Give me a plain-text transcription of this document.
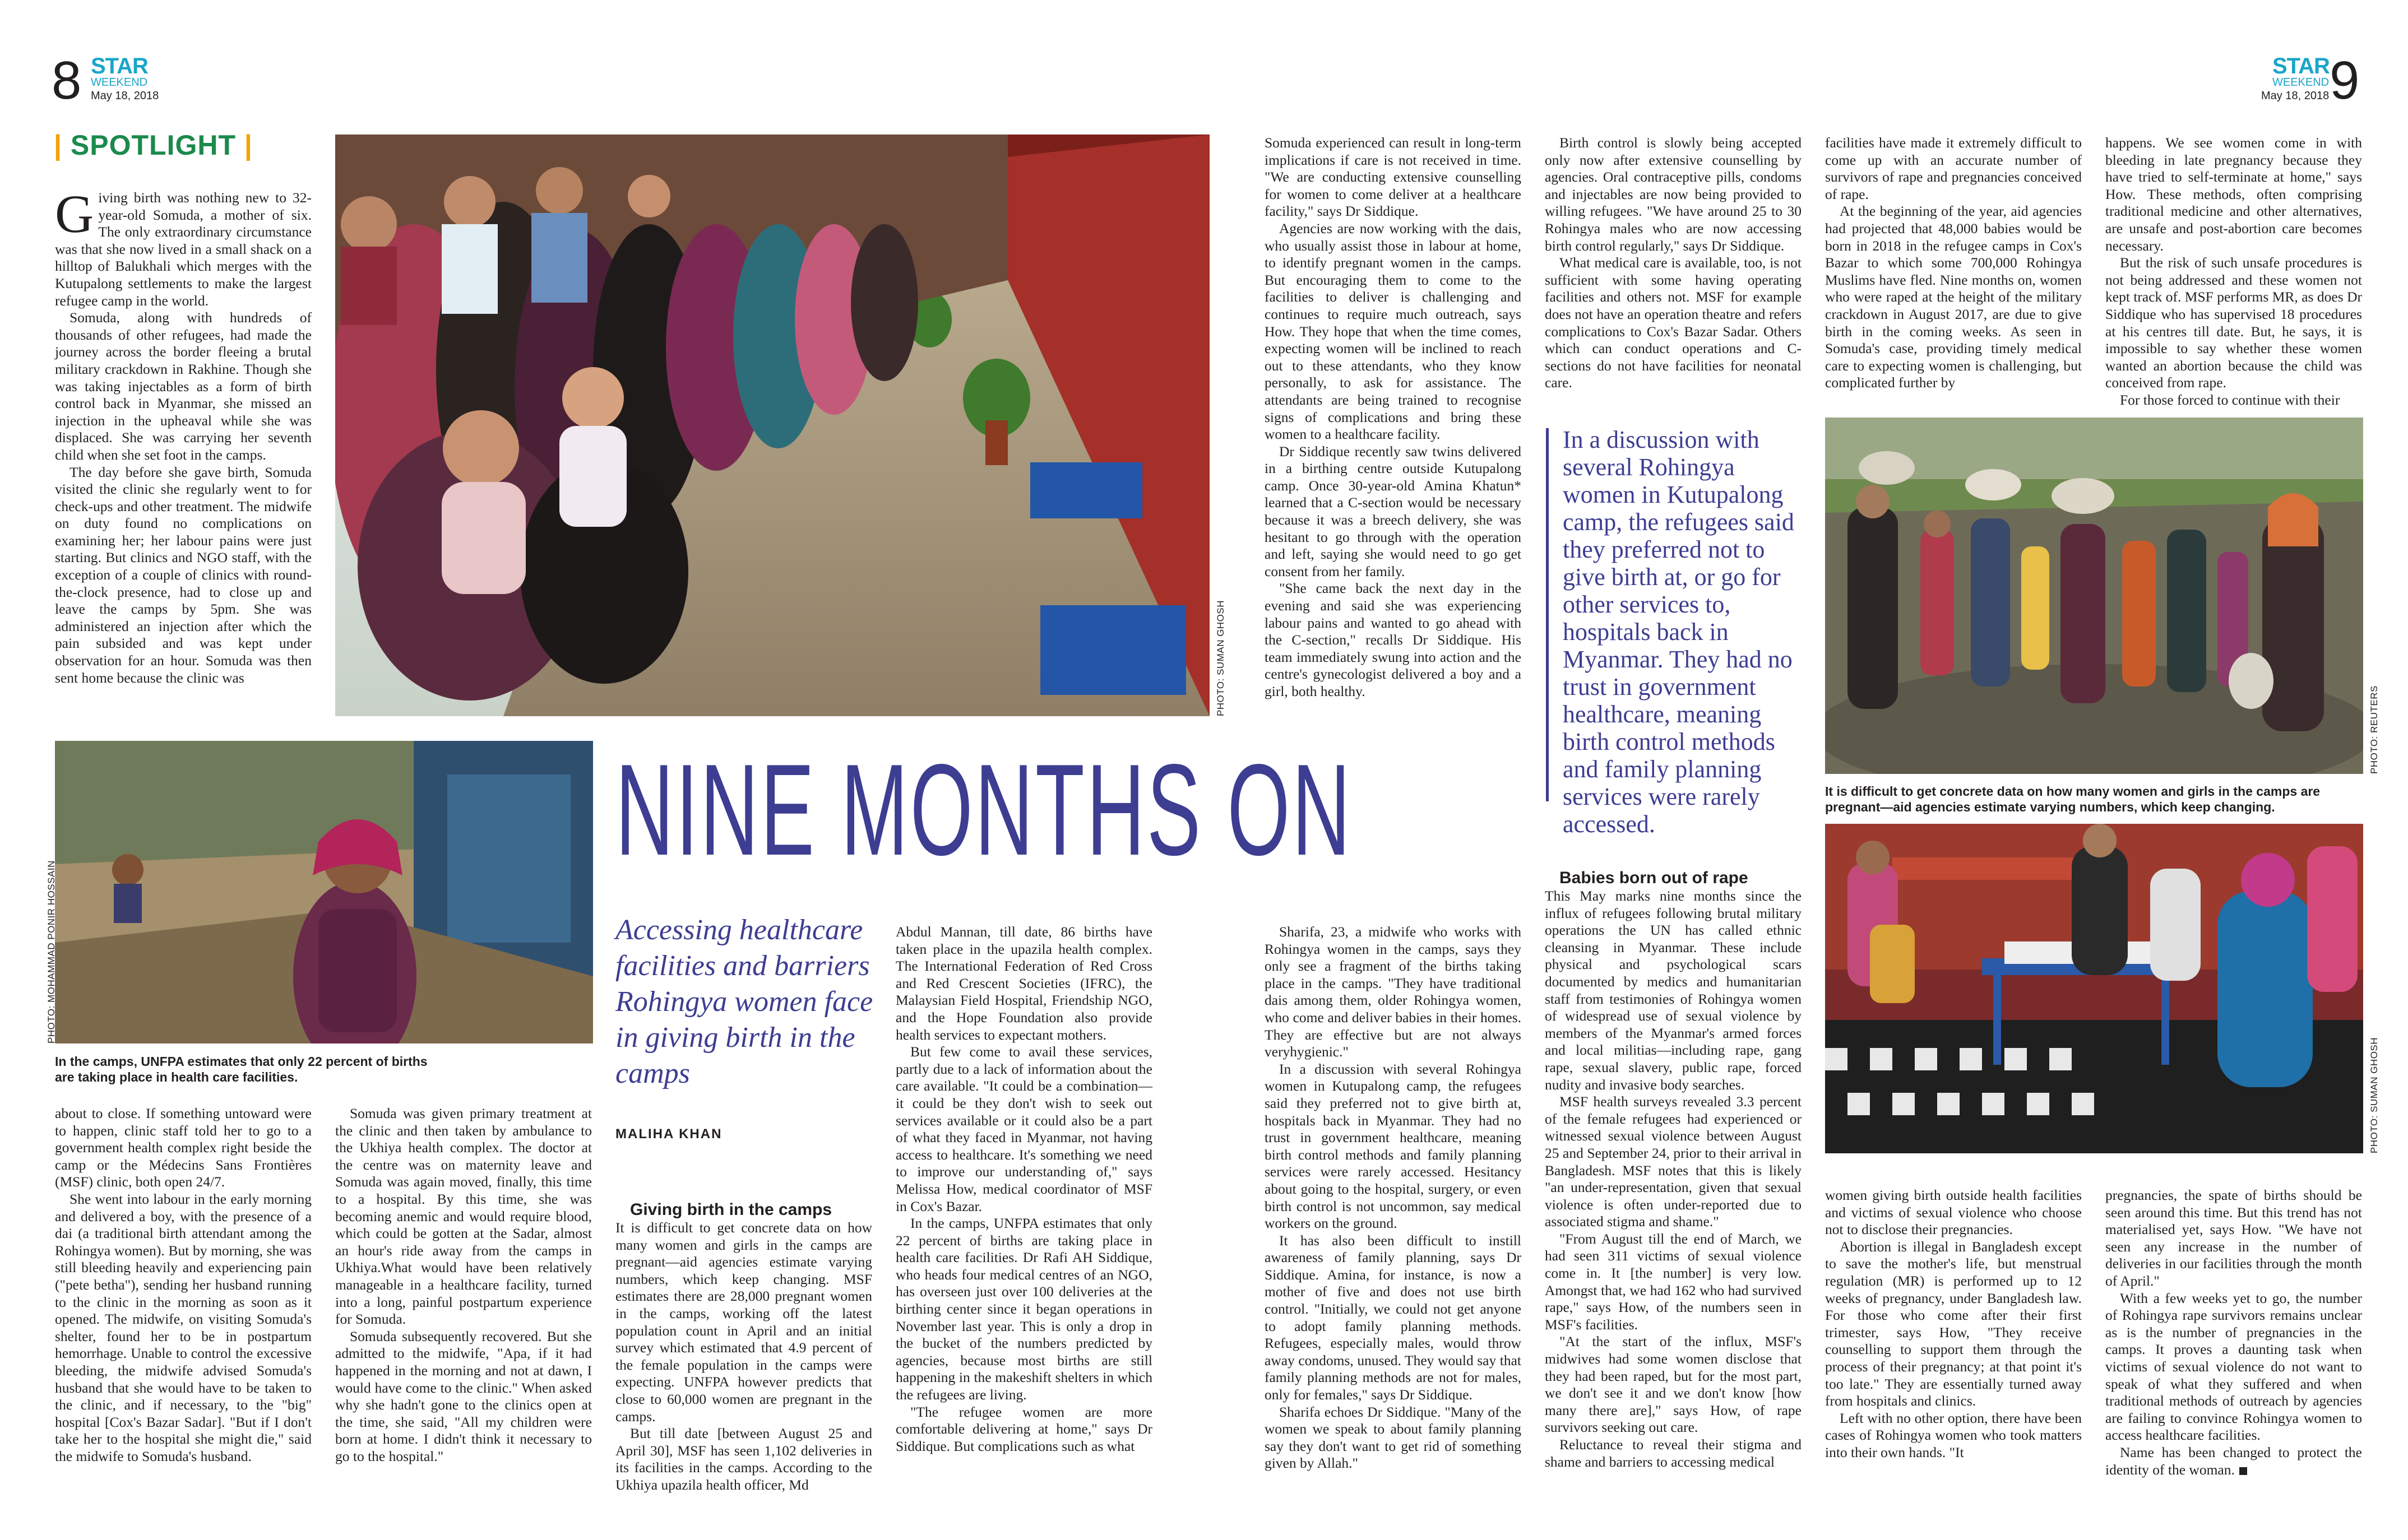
8 STAR
WEEKEND
May 18, 2018
STAR
WEEKEND
May 18, 2018 9
| SPOTLIGHT |
PHOTO: SUMAN GHOSH

Giving birth was nothing new to 32-year-old Somuda, a mother of six. The only extraordinary circumstance was that she now lived in a small shack on a hilltop of Balukhali which merges with the Kutupalong settlements to make the largest refugee camp in the world.

Somuda, along with hundreds of thousands of other refugees, had made the journey across the border fleeing a brutal military crackdown in Rakhine. Though she was taking injectables as a form of birth control back in Myanmar, she missed an injection in the upheaval while she was displaced. She was carrying her seventh child when she set foot in the camps.

The day before she gave birth, Somuda visited the clinic she regularly went to for check-ups and other treatment. The midwife on duty found no complications on examining her; her labour pains were just starting. But clinics and NGO staff, with the exception of a couple of clinics with round-the-clock presence, had to close up and leave the camps by 5pm. She was administered an injection after which the pain subsided and was kept under observation for an hour. Somuda was then sent home because the clinic was

PHOTO: MOHAMMAD PONIR HOSSAIN
In the camps, UNFPA estimates that only 22 percent of births are taking place in health care facilities.
NINE MONTHS ON
Accessing healthcare facilities and barriers Rohingya women face in giving birth in the camps
MALIHA KHAN

about to close. If something untoward were to happen, clinic staff told her to go to a government health complex right beside the camp or the Médecins Sans Frontières (MSF) clinic, both open 24/7.

She went into labour in the early morning and delivered a boy, with the presence of a dai (a traditional birth attendant among the Rohingya women). But by morning, she was still bleeding heavily and experiencing pain ("pete betha"), sending her husband running to the clinic in the morning as soon as it opened. The midwife, on visiting Somuda's shelter, found her to be in postpartum hemorrhage. Unable to control the excessive bleeding, the midwife advised Somuda's husband that she would have to be taken to the clinic, and if necessary, to the "big" hospital [Cox's Bazar Sadar]. "But if I don't take her to the hospital she might die," said the midwife to Somuda's husband.

Somuda was given primary treatment at the clinic and then taken by ambulance to the Ukhiya health complex. The doctor at the centre was on maternity leave and Somuda was again moved, finally, this time to a hospital. By this time, she was becoming anemic and would require blood, which could be gotten at the Sadar, almost an hour's ride away from the camps in Ukhiya.What would have been relatively manageable in a healthcare facility, turned into a long, painful postpartum experience for Somuda.

Somuda subsequently recovered. But she admitted to the midwife, "Apa, if it had happened in the morning and not at dawn, I would have come to the clinic." When asked why she hadn't gone to the clinics open at the time, she said, "All my children were born at home. I didn't think it necessary to go to the hospital."

Giving birth in the camps

It is difficult to get concrete data on how many women and girls in the camps are pregnant—aid agencies estimate varying numbers, which keep changing. MSF estimates there are 28,000 pregnant women in the camps, working off the latest population count in April and an initial survey which estimated that 4.9 percent of the female population in the camps were expecting. UNFPA however predicts that close to 60,000 women are pregnant in the camps.

But till date [between August 25 and April 30], MSF has seen 1,102 deliveries in its facilities in the camps. According to the Ukhiya upazila health officer, Md

Abdul Mannan, till date, 86 births have taken place in the upazila health complex. The International Federation of Red Cross and Red Crescent Societies (IFRC), the Malaysian Field Hospital, Friendship NGO, and the Hope Foundation also provide health services to expectant mothers.

But few come to avail these services, partly due to a lack of information about the care available. "It could be a combination—it could be they don't wish to seek out services available or it could also be a part of what they faced in Myanmar, not having access to healthcare. It's something we need to improve our understanding of," says Melissa How, medical coordinator of MSF in Cox's Bazar.

In the camps, UNFPA estimates that only 22 percent of births are taking place in health care facilities. Dr Rafi AH Siddique, who heads four medical centres of an NGO, has overseen just over 100 deliveries at the birthing center since it began operations in November last year. This is only a drop in the bucket of the numbers predicted by agencies, because most births are still happening in the makeshift shelters in which the refugees are living.

"The refugee women are more comfortable delivering at home," says Dr Siddique. But complications such as what

Somuda experienced can result in long-term implications if care is not received in time. "We are conducting extensive counselling for women to come deliver at a healthcare facility," says Dr Siddique.

Agencies are now working with the dais, who usually assist those in labour at home, to identify pregnant women in the camps. But encouraging them to come to the facilities to deliver is challenging and continues to require much outreach, says How. They hope that when the time comes, expecting women will be inclined to reach out to these attendants, who they know personally, to ask for assistance. The attendants are being trained to recognise signs of complications and bring these women to a healthcare facility.

Dr Siddique recently saw twins delivered in a birthing centre outside Kutupalong camp. Once 30-year-old Amina Khatun* learned that a C-section would be necessary because it was a breech delivery, she was hesitant to go through with the operation and left, saying she would need to go get consent from her family.

"She came back the next day in the evening and said she was experiencing labour pains and wanted to go ahead with the C-section," recalls Dr Siddique. His team immediately swung into action and the centre's gynecologist delivered a boy and a girl, both healthy.

Sharifa, 23, a midwife who works with Rohingya women in the camps, says they only see a fragment of the births taking place in the camps. "They have traditional dais among them, older Rohingya women, who come and deliver babies in their homes. They are effective but are not always veryhygienic."

In a discussion with several Rohingya women in Kutupalong camp, the refugees said they preferred not to give birth at, hospitals back in Myanmar. They had no trust in government healthcare, meaning birth control methods and family planning services were rarely accessed. Hesitancy about going to the hospital, surgery, or even birth control is not uncommon, say medical workers on the ground.

It has also been difficult to instill awareness of family planning, says Dr Siddique. Amina, for instance, is now a mother of five and does not use birth control. "Initially, we could not get anyone to adopt family planning methods. Refugees, especially males, would throw away condoms, unused. They would say that family planning methods are not for males, only for females," says Dr Siddique.

Sharifa echoes Dr Siddique. "Many of the women we speak to about family planning say they don't want to get rid of something given by Allah."

Birth control is slowly being accepted only now after extensive counselling by agencies. Oral contraceptive pills, condoms and injectables are now being provided to willing refugees. "We have around 25 to 30 Rohingya males who are now accessing birth control regularly," says Dr Siddique.

What medical care is available, too, is not sufficient with some having operating facilities and others not. MSF for example does not have an operation theatre and refers complications to Cox's Bazar Sadar. Others which can conduct operations and C-sections do not have facilities for neonatal care.

In a discussion with several Rohingya women in Kutupalong camp, the refugees said they preferred not to give birth at, or go for other services to, hospitals back in Myanmar. They had no trust in government healthcare, meaning birth control methods and family planning services were rarely accessed.

Babies born out of rape

This May marks nine months since the influx of refugees following brutal military operations the UN has called ethnic cleansing in Myanmar. These include physical and psychological scars documented by medics and humanitarian staff from testimonies of Rohingya women of widespread use of sexual violence by members of the Myanmar's armed forces and local militias—including rape, gang rape, sexual slavery, public rape, forced nudity and invasive body searches.

MSF health surveys revealed 3.3 percent of the female refugees had experienced or witnessed sexual violence between August 25 and September 24, prior to their arrival in Bangladesh. MSF notes that this is likely "an under-representation, given that sexual violence is often under-reported due to associated stigma and shame."

"From August till the end of March, we had seen 311 victims of sexual violence come in. It [the number] is very low. Amongst that, we had 162 who had survived rape," says How, of the numbers seen in MSF's facilities.

"At the start of the influx, MSF's midwives had some women disclose that they had been raped, but for the most part, we don't see it and we don't know [how many there are]," says How, of rape survivors seeking out care.

Reluctance to reveal their stigma and shame and barriers to accessing medical

facilities have made it extremely difficult to come up with an accurate number of survivors of rape and pregnancies conceived of rape.

At the beginning of the year, aid agencies had projected that 48,000 babies would be born in 2018 in the refugee camps in Cox's Bazar to which some 700,000 Rohingya Muslims have fled. Nine months on, women who were raped at the height of the military crackdown in August 2017, are due to give birth in the coming weeks. As seen in Somuda's case, providing timely medical care to expecting women is challenging, but complicated further by

happens. We see women come in with bleeding in late pregnancy because they have tried to self-terminate at home," says How. These methods, often comprising traditional medicine and other alternatives, are unsafe and post-abortion care becomes necessary.

But the risk of such unsafe procedures is not being addressed and these women not kept track of. MSF performs MR, as does Dr Siddique who has supervised 18 procedures at his centres till date. But, he says, it is impossible to say whether these women wanted an abortion because the child was conceived from rape.

For those forced to continue with their

PHOTO: REUTERS
It is difficult to get concrete data on how many women and girls in the camps are pregnant—aid agencies estimate varying numbers, which keep changing.
PHOTO: SUMAN GHOSH

women giving birth outside health facilities and victims of sexual violence who choose not to disclose their pregnancies.

Abortion is illegal in Bangladesh except to save the mother's life, but menstrual regulation (MR) is performed up to 12 weeks of pregnancy, under Bangladesh law. For those who come after their first trimester, says How, "They receive counselling to support them through the process of their pregnancy; at that point it's too late." They are essentially turned away from hospitals and clinics.

Left with no other option, there have been cases of Rohingya women who took matters into their own hands. "It

pregnancies, the spate of births should be seen around this time. But this trend has not materialised yet, says How. "We have not seen any increase in the number of deliveries in our facilities through the month of April."

With a few weeks yet to go, the number of Rohingya rape survivors remains unclear as is the number of pregnancies in the camps. It proves a daunting task when victims of sexual violence do not want to speak of what they suffered and when traditional methods of outreach by agencies are failing to convince Rohingya women to access healthcare facilities.

Name has been changed to protect the identity of the woman.
